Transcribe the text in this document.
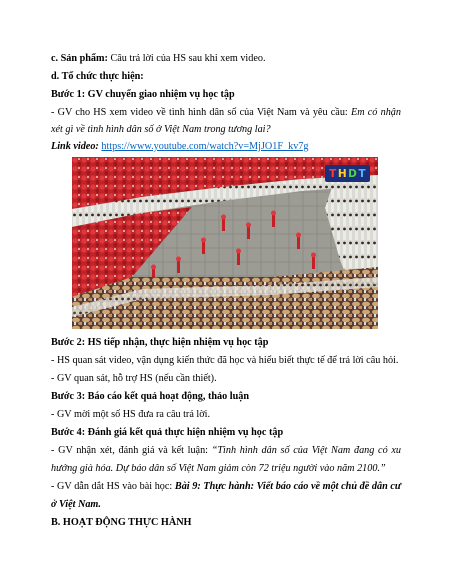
c. Sản phẩm: Câu trả lời của HS sau khi xem video.
d. Tổ chức thực hiện:
Bước 1: GV chuyển giao nhiệm vụ học tập
- GV cho HS xem video về tình hình dân số của Việt Nam và yêu cầu: Em có nhận
xét gì về tình hình dân số ở Việt Nam trong tương lai?
Link video: https://www.youtube.com/watch?v=MjJO1F_kv7g
T H D T
Bước 2: HS tiếp nhận, thực hiện nhiệm vụ học tập
- HS quan sát video, vận dụng kiến thức đã học và hiểu biết thực tế để trả lời câu hỏi.
- GV quan sát, hỗ trợ HS (nếu cần thiết).
Bước 3: Báo cáo kết quả hoạt động, thảo luận
- GV mời một số HS đưa ra câu trả lời.
Bước 4: Đánh giá kết quả thực hiện nhiệm vụ học tập
- GV nhận xét, đánh giá và kết luận: “Tình hình dân số của Việt Nam đang có xu
hướng già hóa. Dự báo dân số Việt Nam giảm còn 72 triệu người vào năm 2100.”
- GV dẫn dắt HS vào bài học: Bài 9: Thực hành: Viết báo cáo về một chủ đề dân cư
ở Việt Nam.
B. HOẠT ĐỘNG THỰC HÀNH
